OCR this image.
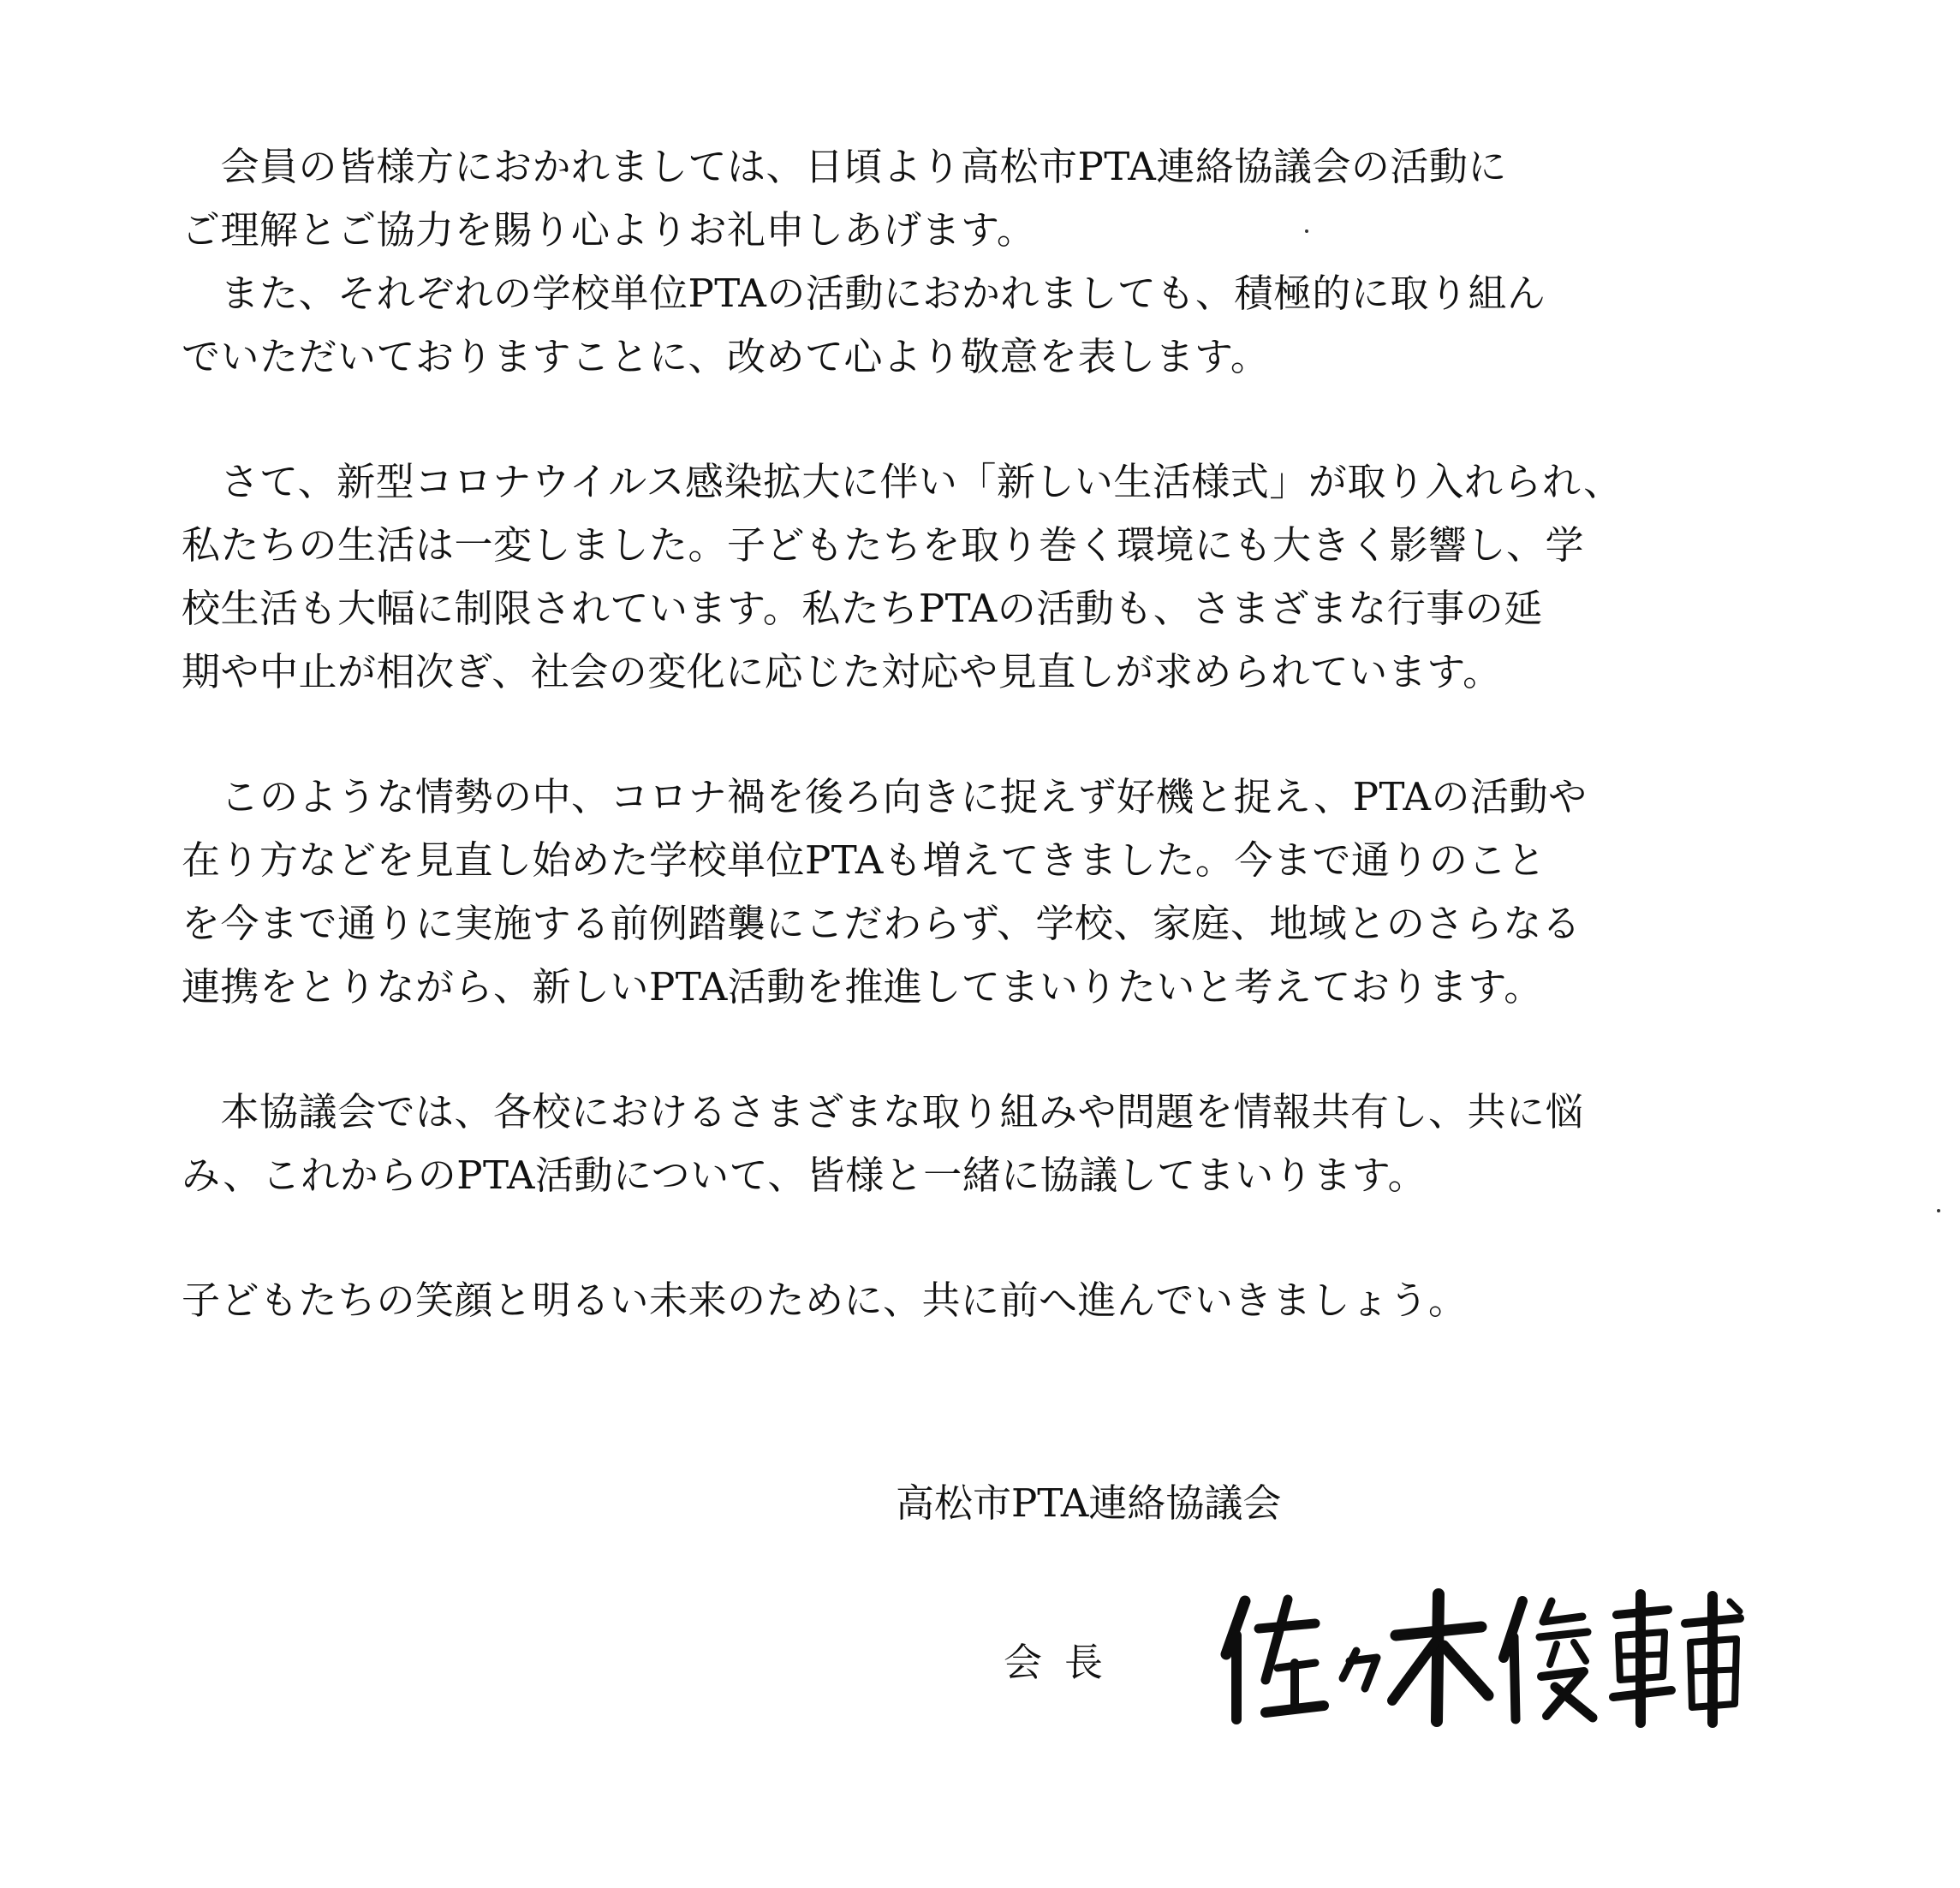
　会員の皆様方におかれましては、日頃より高松市PTA連絡協議会の活動に
ご理解とご協力を賜り心よりお礼申しあげます。
　また、それぞれの学校単位PTAの活動におかれましても、積極的に取り組ん
でいただいておりますことに、改めて心より敬意を表します。
　さて、新型コロナウイルス感染拡大に伴い「新しい生活様式」が取り入れられ、
私たちの生活は一変しました。子どもたちを取り巻く環境にも大きく影響し、学
校生活も大幅に制限されています。私たちPTAの活動も、さまざまな行事の延
期や中止が相次ぎ、社会の変化に応じた対応や見直しが求められています。
　このような情勢の中、コロナ禍を後ろ向きに捉えず好機と捉え、PTAの活動や
在り方などを見直し始めた学校単位PTAも増えてきました。今まで通りのこと
を今まで通りに実施する前例踏襲にこだわらず、学校、家庭、地域とのさらなる
連携をとりながら、新しいPTA活動を推進してまいりたいと考えております。
　本協議会では、各校におけるさまざまな取り組みや問題を情報共有し、共に悩
み、これからのPTA活動について、皆様と一緒に協議してまいります。
子どもたちの笑顔と明るい未来のために、共に前へ進んでいきましょう。
高松市PTA連絡協議会
会長
